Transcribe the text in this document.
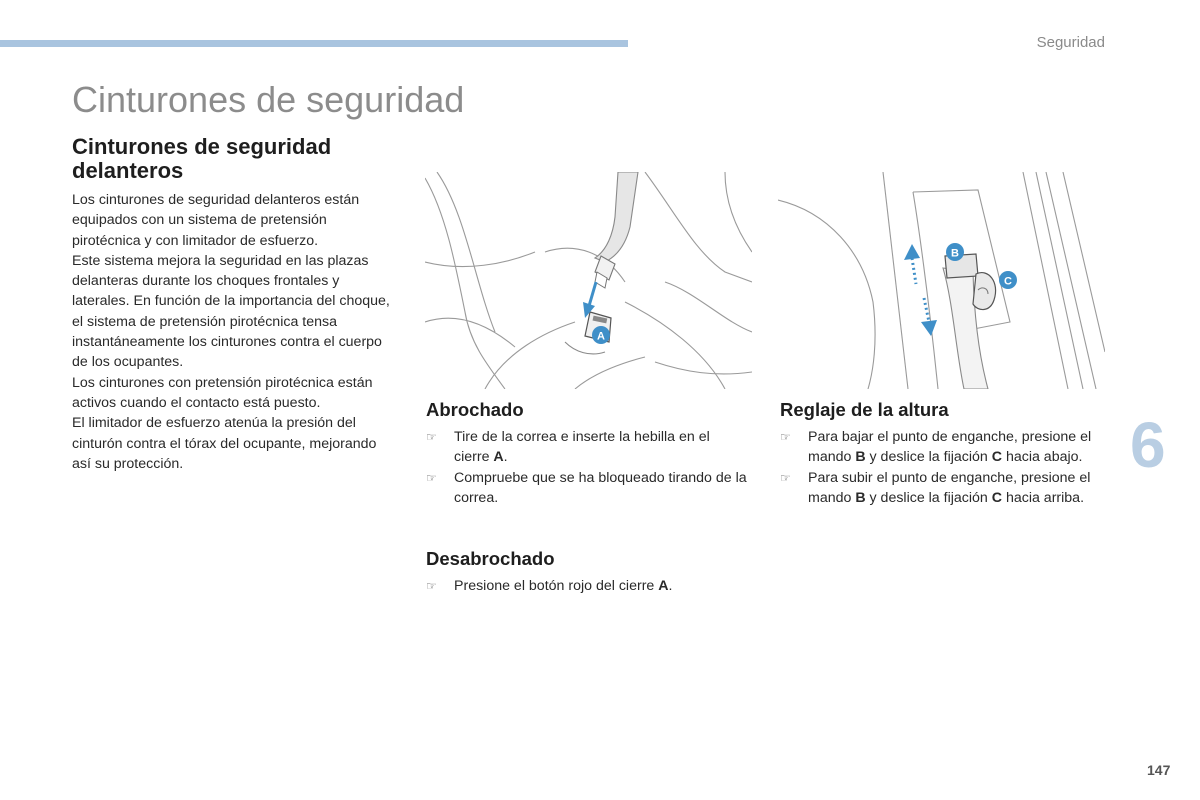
Seguridad
Cinturones de seguridad
Cinturones de seguridad delanteros

Los cinturones de seguridad delanteros están equipados con un sistema de pretensión pirotécnica y con limitador de esfuerzo.

Este sistema mejora la seguridad en las plazas delanteras durante los choques frontales y laterales. En función de la importancia del choque, el sistema de pretensión pirotécnica tensa instantáneamente los cinturones contra el cuerpo de los ocupantes.

Los cinturones con pretensión pirotécnica están activos cuando el contacto está puesto.

El limitador de esfuerzo atenúa la presión del cinturón contra el tórax del ocupante, mejorando así su protección.

A
B
C
Abrochado
☞ Tire de la correa e inserte la hebilla en el cierre A.
☞ Compruebe que se ha bloqueado tirando de la correa.
Desabrochado
☞ Presione el botón rojo del cierre A.
Reglaje de la altura
☞ Para bajar el punto de enganche, presione el mando B y deslice la fijación C hacia abajo.
☞ Para subir el punto de enganche, presione el mando B y deslice la fijación C hacia arriba.
6
147
